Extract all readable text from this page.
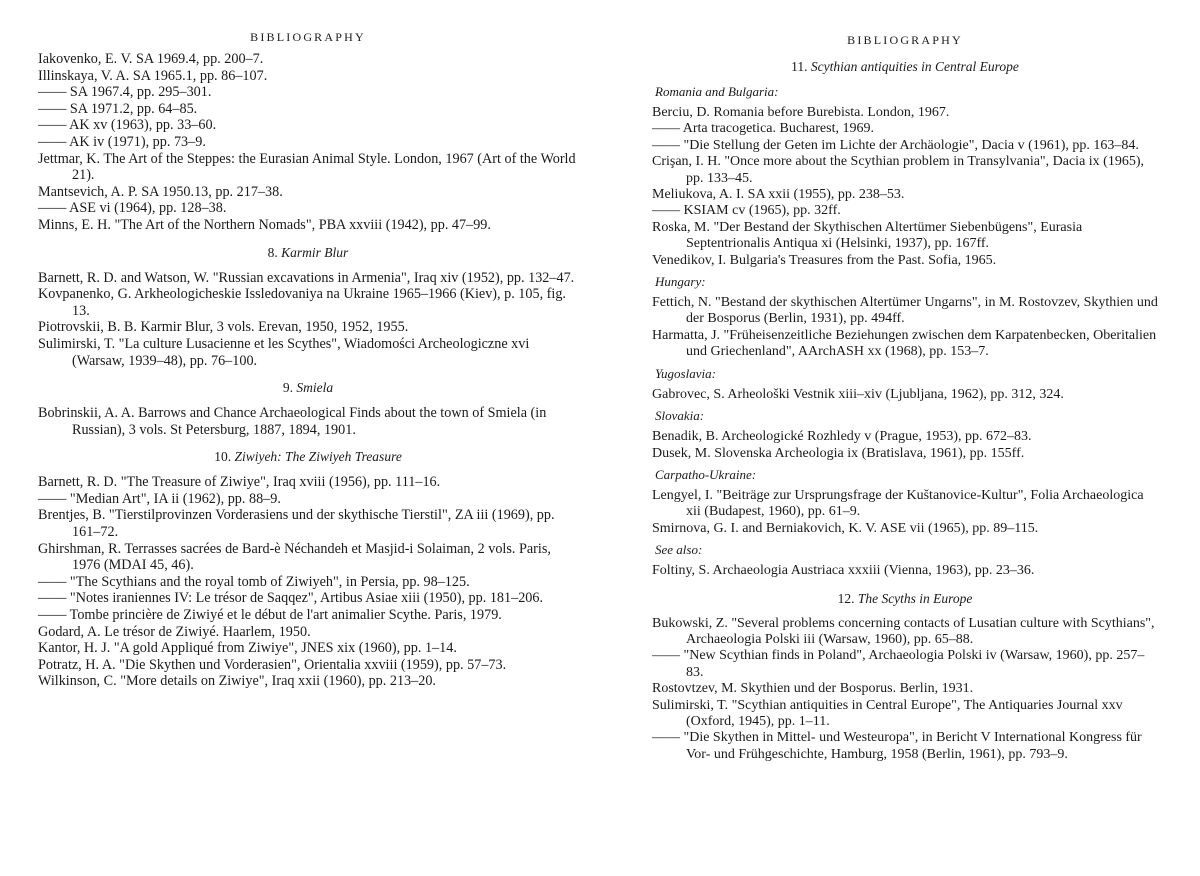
BIBLIOGRAPHY

Iakovenko, E. V. SA 1969.4, pp. 200–7.

Illinskaya, V. A. SA 1965.1, pp. 86–107.

—— SA 1967.4, pp. 295–301.

—— SA 1971.2, pp. 64–85.

—— AK xv (1963), pp. 33–60.

—— AK iv (1971), pp. 73–9.

Jettmar, K. The Art of the Steppes: the Eurasian Animal Style. London, 1967 (Art of the World 21).

Mantsevich, A. P. SA 1950.13, pp. 217–38.

—— ASE vi (1964), pp. 128–38.

Minns, E. H. "The Art of the Northern Nomads", PBA xxviii (1942), pp. 47–99.

8. Karmir Blur

Barnett, R. D. and Watson, W. "Russian excavations in Armenia", Iraq xiv (1952), pp. 132–47.

Kovpanenko, G. Arkheologicheskie Issledovaniya na Ukraine 1965–1966 (Kiev), p. 105, fig. 13.

Piotrovskii, B. B. Karmir Blur, 3 vols. Erevan, 1950, 1952, 1955.

Sulimirski, T. "La culture Lusacienne et les Scythes", Wiadomości Archeologiczne xvi (Warsaw, 1939–48), pp. 76–100.

9. Smiela

Bobrinskii, A. A. Barrows and Chance Archaeological Finds about the town of Smiela (in Russian), 3 vols. St Petersburg, 1887, 1894, 1901.

10. Ziwiyeh: The Ziwiyeh Treasure

Barnett, R. D. "The Treasure of Ziwiye", Iraq xviii (1956), pp. 111–16.

—— "Median Art", IA ii (1962), pp. 88–9.

Brentjes, B. "Tierstilprovinzen Vorderasiens und der skythische Tierstil", ZA iii (1969), pp. 161–72.

Ghirshman, R. Terrasses sacrées de Bard-è Néchandeh et Masjid-i Solaiman, 2 vols. Paris, 1976 (MDAI 45, 46).

—— "The Scythians and the royal tomb of Ziwiyeh", in Persia, pp. 98–125.

—— "Notes iraniennes IV: Le trésor de Saqqez", Artibus Asiae xiii (1950), pp. 181–206.

—— Tombe princière de Ziwiyé et le début de l'art animalier Scythe. Paris, 1979.

Godard, A. Le trésor de Ziwiyé. Haarlem, 1950.

Kantor, H. J. "A gold Appliqué from Ziwiye", JNES xix (1960), pp. 1–14.

Potratz, H. A. "Die Skythen und Vorderasien", Orientalia xxviii (1959), pp. 57–73.

Wilkinson, C. "More details on Ziwiye", Iraq xxii (1960), pp. 213–20.

BIBLIOGRAPHY
11. Scythian antiquities in Central Europe
Romania and Bulgaria:

Berciu, D. Romania before Burebista. London, 1967.

—— Arta tracogetica. Bucharest, 1969.

—— "Die Stellung der Geten im Lichte der Archäologie", Dacia v (1961), pp. 163–84.

Crişan, I. H. "Once more about the Scythian problem in Transylvania", Dacia ix (1965), pp. 133–45.

Meliukova, A. I. SA xxii (1955), pp. 238–53.

—— KSIAM cv (1965), pp. 32ff.

Roska, M. "Der Bestand der Skythischen Altertümer Siebenbügens", Eurasia Septentrionalis Antiqua xi (Helsinki, 1937), pp. 167ff.

Venedikov, I. Bulgaria's Treasures from the Past. Sofia, 1965.

Hungary:

Fettich, N. "Bestand der skythischen Altertümer Ungarns", in M. Rostovzev, Skythien und der Bosporus (Berlin, 1931), pp. 494ff.

Harmatta, J. "Früheisenzeitliche Beziehungen zwischen dem Karpatenbecken, Oberitalien und Griechenland", AArchASH xx (1968), pp. 153–7.

Yugoslavia:

Gabrovec, S. Arheološki Vestnik xiii–xiv (Ljubljana, 1962), pp. 312, 324.

Slovakia:

Benadik, B. Archeologické Rozhledy v (Prague, 1953), pp. 672–83.

Dusek, M. Slovenska Archeologia ix (Bratislava, 1961), pp. 155ff.

Carpatho-Ukraine:

Lengyel, I. "Beiträge zur Ursprungsfrage der Kuštanovice-Kultur", Folia Archaeologica xii (Budapest, 1960), pp. 61–9.

Smirnova, G. I. and Berniakovich, K. V. ASE vii (1965), pp. 89–115.

See also:

Foltiny, S. Archaeologia Austriaca xxxiii (Vienna, 1963), pp. 23–36.

12. The Scyths in Europe

Bukowski, Z. "Several problems concerning contacts of Lusatian culture with Scythians", Archaeologia Polski iii (Warsaw, 1960), pp. 65–88.

—— "New Scythian finds in Poland", Archaeologia Polski iv (Warsaw, 1960), pp. 257–83.

Rostovtzev, M. Skythien und der Bosporus. Berlin, 1931.

Sulimirski, T. "Scythian antiquities in Central Europe", The Antiquaries Journal xxv (Oxford, 1945), pp. 1–11.

—— "Die Skythen in Mittel- und Westeuropa", in Bericht V International Kongress für Vor- und Frühgeschichte, Hamburg, 1958 (Berlin, 1961), pp. 793–9.
